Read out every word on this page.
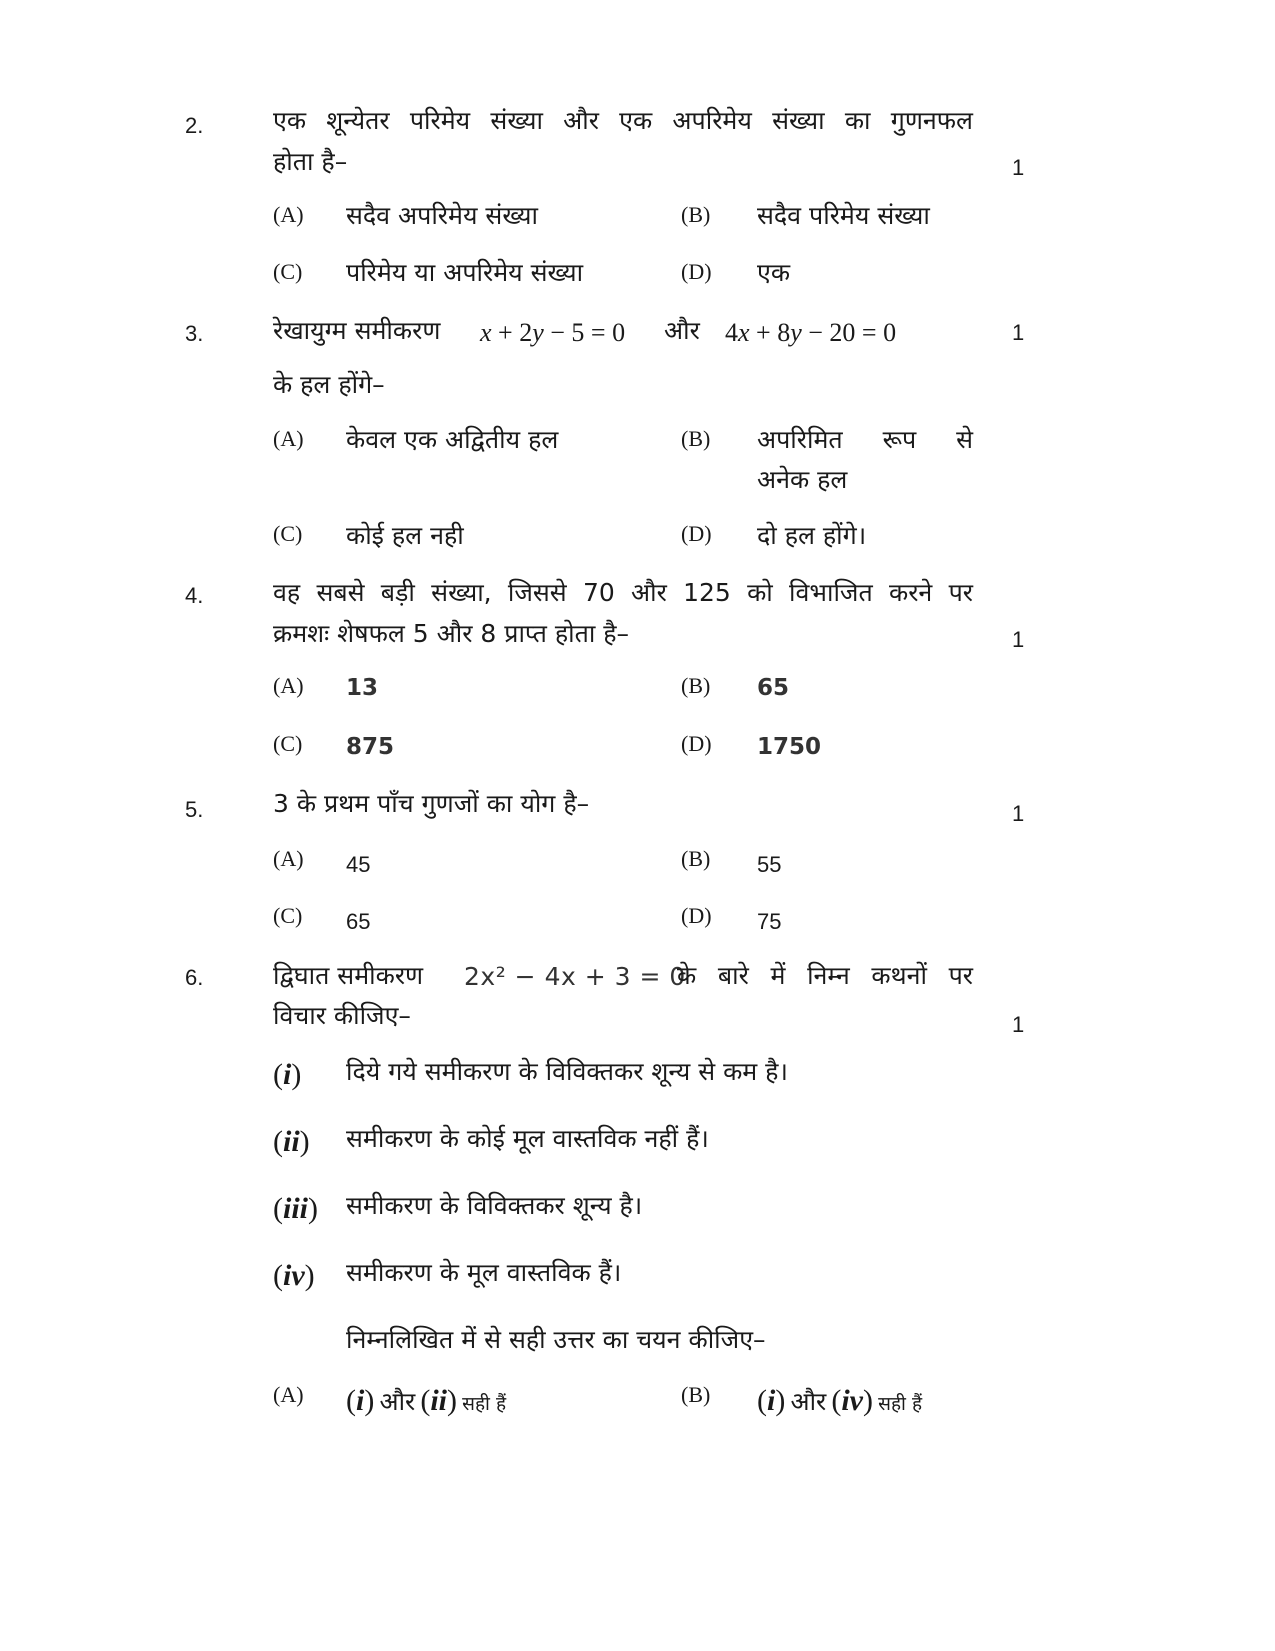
2.	एक शून्येतर परिमेय संख्या और एक अपरिमेय संख्या का गुणनफल
होता है–	1
(A) सदैव अपरिमेय संख्या	(B) सदैव परिमेय संख्या
(C) परिमेय या अपरिमेय संख्या	(D) एक
3.	रेखायुग्म समीकरण x + 2y − 5 = 0 और 4x + 8y − 20 = 0	1
के हल होंगे–
(A) केवल एक अद्वितीय हल	(B) अपरिमित रूप से
अनेक हल
(C) कोई हल नही	(D) दो हल होंगे।
4.	वह सबसे बड़ी संख्या, जिससे 70 और 125 को विभाजित करने पर
क्रमशः शेषफल 5 और 8 प्राप्त होता है–	1
(A) 13	(B) 65
(C) 875	(D) 1750
5.	3 के प्रथम पाँच गुणजों का योग है–	1
(A) 45	(B) 55
(C) 65	(D) 75
6.	द्विघात समीकरण 2x² − 4x + 3 = 0
के बारे में निम्न कथनों पर
विचार कीजिए–	1
(i) दिये गये समीकरण के विविक्तकर शून्य से कम है।
(ii) समीकरण के कोई मूल वास्तविक नहीं हैं।
(iii) समीकरण के विविक्तकर शून्य है।
(iv) समीकरण के मूल वास्तविक हैं।
निम्नलिखित में से सही उत्तर का चयन कीजिए–
(A) (i) और (ii) सही हैं	(B) (i) और (iv) सही हैं
